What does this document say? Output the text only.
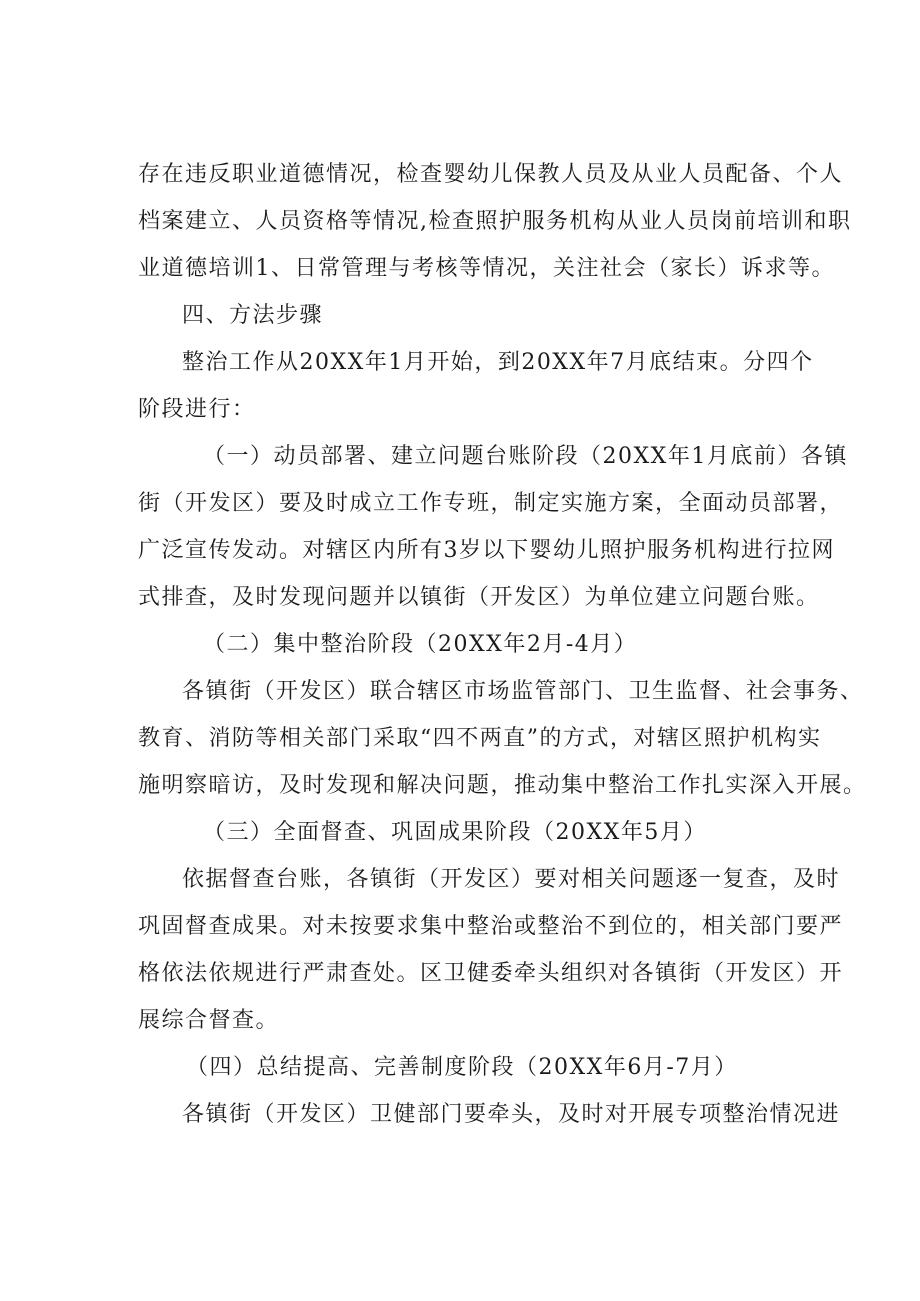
存在违反职业道德情况，检查婴幼儿保教人员及从业人员配备、个人
档案建立、人员资格等情况,检查照护服务机构从业人员岗前培训和职
业道德培训1、日常管理与考核等情况，关注社会（家长）诉求等。
四、方法步骤
整治工作从20XX年1月开始，到20XX年7月底结束。分四个
阶段进行：
（一）动员部署、建立问题台账阶段（20XX年1月底前）各镇
街（开发区）要及时成立工作专班，制定实施方案，全面动员部署，
广泛宣传发动。对辖区内所有3岁以下婴幼儿照护服务机构进行拉网
式排查，及时发现问题并以镇街（开发区）为单位建立问题台账。
（二）集中整治阶段（20XX年2月-4月）
各镇街（开发区）联合辖区市场监管部门、卫生监督、社会事务、
教育、消防等相关部门采取“四不两直”的方式，对辖区照护机构实
施明察暗访，及时发现和解决问题，推动集中整治工作扎实深入开展。
（三）全面督查、巩固成果阶段（20XX年5月）
依据督查台账，各镇街（开发区）要对相关问题逐一复查，及时
巩固督查成果。对未按要求集中整治或整治不到位的，相关部门要严
格依法依规进行严肃查处。区卫健委牵头组织对各镇街（开发区）开
展综合督查。
（四）总结提高、完善制度阶段（20XX年6月-7月）
各镇街（开发区）卫健部门要牵头，及时对开展专项整治情况进
